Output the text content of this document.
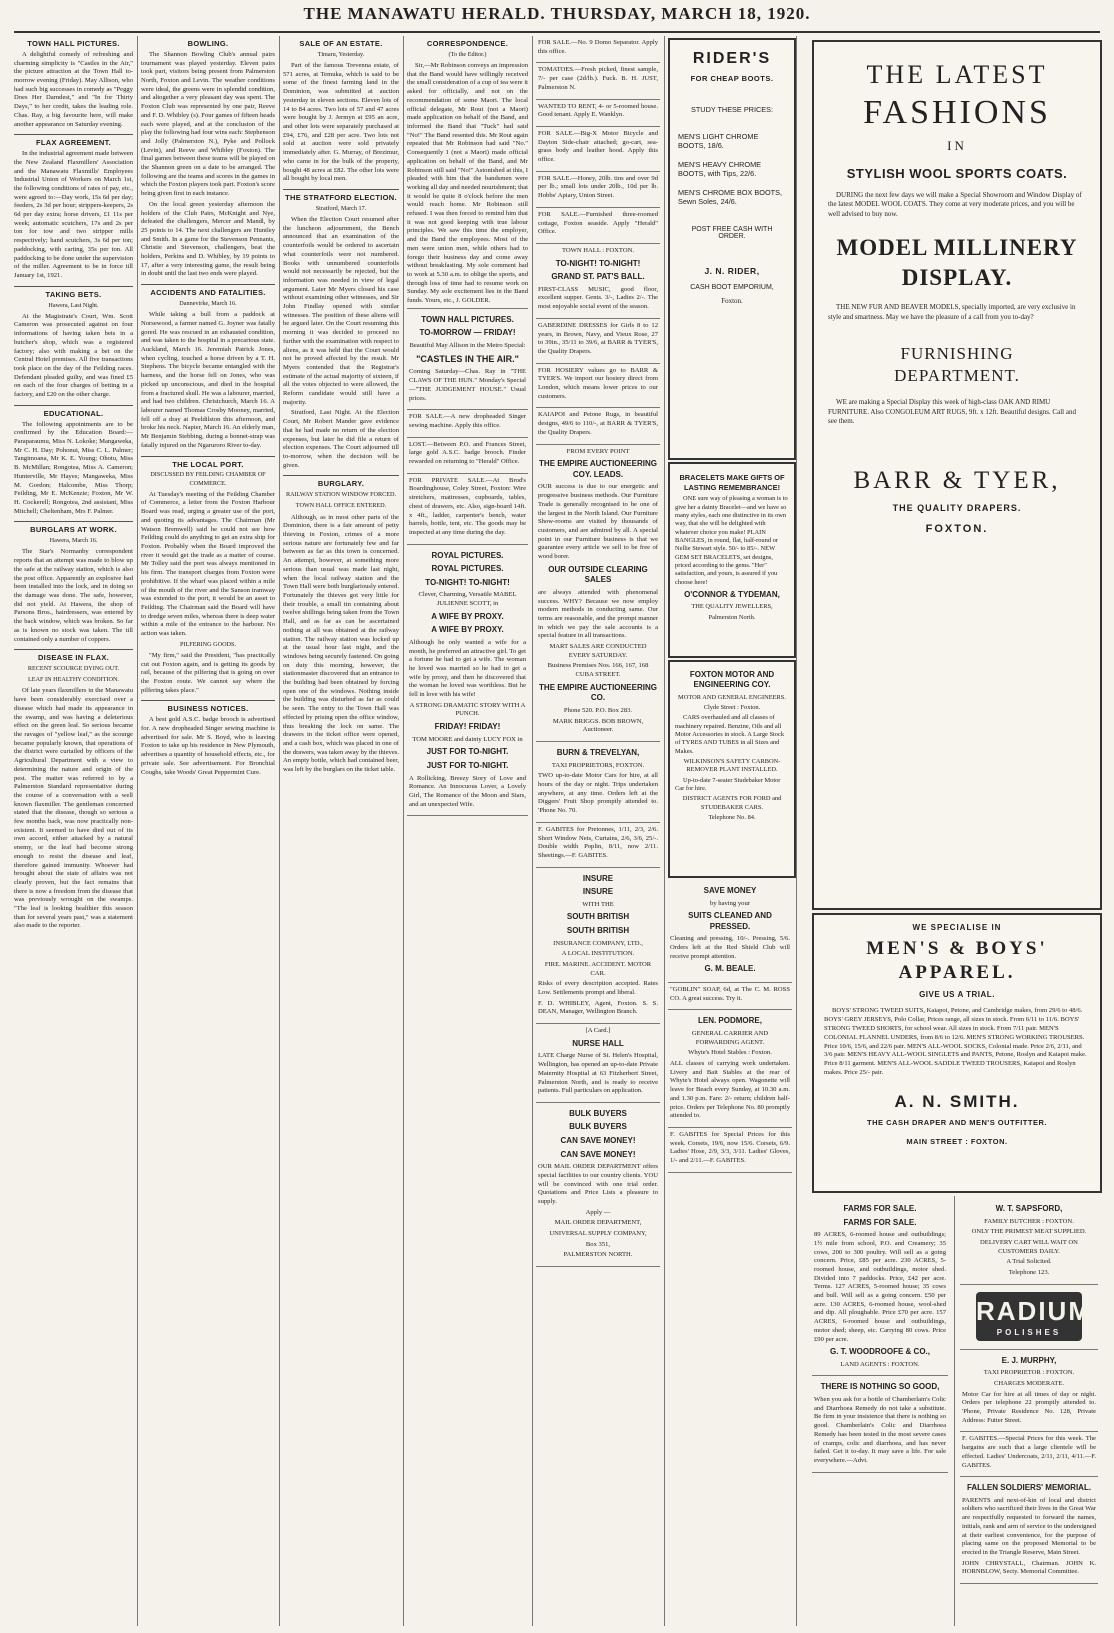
THE MANAWATU HERALD. THURSDAY, MARCH 18, 1920.
TOWN HALL PICTURES.

A delightful comedy of refreshing and charming simplicity is "Castles in the Air," the picture attraction at the Town Hall to-morrow evening (Friday). May Allison, who had such big successes in comedy as "Peggy Does Her Darndest," and "In for Thirty Days," to her credit, takes the leading role. Chas. Ray, a big favourite here, will make another appearance on Saturday evening.

FLAX AGREEMENT.

In the industrial agreement made between the New Zealand Flaxmillers' Association and the Manawatu Flaxmills' Employees Industrial Union of Workers on March 1st, the following conditions of rates of pay, etc., were agreed to:—Day work, 15s 6d per day; feeders, 2s 3d per hour; strippers-keepers, 2s 6d per day extra; horse drivers, £1 11s per week; automatic scutchers, 17s and 2s per ton for tow and two stripper mills respectively; hand scutchers, 3s 6d per ton; paddocking, with carting, 35s per ton. All paddocking to be done under the supervision of the miller. Agreement to be in force till January 1st, 1921.

TAKING BETS.
Hawera, Last Night.

At the Magistrate's Court, Wm. Scott Cameron was prosecuted against on four informations of having taken bets in a butcher's shop, which was a registered factory; also with making a bet on the Central Hotel premises. All five transactions took place on the day of the Feilding races. Defendant pleaded guilty, and was fined £5 on each of the four charges of betting in a factory, and £20 on the other charge.

EDUCATIONAL.

The following appointments are to be confirmed by the Education Board:—Paraparaumu, Miss N. Lokoke; Mangaweka, Mr C. H. Day; Pohonui, Miss C. L. Palmer; Tangimoana, Mr K. E. Young; Ohotu, Miss B. McMillan; Rongotea, Miss A. Cameron; Hunterville, Mr Hayes; Mangaweka, Miss M. Gordon; Halcombe, Miss Thorp; Feilding, Mr E. McKenzie; Foxton, Mr W. H. Cockerell; Rongotea, 2nd assistant, Miss Mitchell; Cheltenham, Mrs F. Palmer.

BURGLARS AT WORK.
Hawera, March 16.

The Star's Normanby correspondent reports that an attempt was made to blow up the safe at the railway station, which is also the post office. Apparently an explosive had been installed into the lock, and in doing so the damage was done. The safe, however, did not yield. At Hawera, the shop of Parsons Bros., hairdressers, was entered by the back window, which was broken. So far as is known no stock was taken. The till contained only a number of coppers.

DISEASE IN FLAX.
RECENT SCOURGE DYING OUT.
LEAF IN HEALTHY CONDITION.

Of late years flaxmillers in the Manawatu have been considerably exercised over a disease which had made its appearance in the swamp, and was having a deleterious effect on the green leaf. So serious became the ravages of "yellow leaf," as the scourge became popularly known, that operations of the district were curtailed by officers of the Agricultural Department with a view to determining the nature and origin of the pest. The matter was referred to by a Palmerston Standard representative during the course of a conversation with a well known flaxmiller. The gentleman concerned stated that the disease, though so serious a few months back, was now practically non-existent. It seemed to have died out of its own accord, either attacked by a natural enemy, or the leaf had become strong enough to resist the disease and leaf, therefore gained immunity. Whoever had brought about the state of affairs was not clearly proven, but the fact remains that there is now a freedom from the disease that was previously wrought on the swamps. "The leaf is looking healthier this season than for several years past," was a statement also made to the reporter.

BOWLING.

The Shannon Bowling Club's annual pairs tournament was played yesterday. Eleven pairs took part, visitors being present from Palmerston North, Foxton and Levin. The weather conditions were ideal, the greens were in splendid condition, and altogether a very pleasant day was spent. The Foxton Club was represented by one pair, Reeve and F. D. Whibley (s). Four games of fifteen heads each were played, and at the conclusion of the play the following had four wins each: Stephenson and Jolly (Palmerston N.), Pyke and Pollock (Levin), and Reeve and Whibley (Foxton). The final games between these teams will be played on the Shannon green on a date to be arranged. The following are the teams and scores in the games in which the Foxton players took part. Foxton's score being given first in each instance.

On the local green yesterday afternoon the holders of the Club Pairs, McKnight and Nye, defeated the challengers, Mercer and Mandl, by 25 points to 14. The next challengers are Huntley and Smith. In a game for the Stevenson Pennants, Christie and Stevenson, challengers, beat the holders, Perkins and D. Whibley, by 19 points to 17, after a very interesting game, the result being in doubt until the last two ends were played.

ACCIDENTS AND FATALITIES.
Dannevirke, March 16.

While taking a bull from a paddock at Norsewood, a farmer named G. Joyner was fatally gored. He was rescued in an exhausted condition, and was taken to the hospital in a precarious state. Auckland, March 16. Jeremiah Patrick Jones, when cycling, touched a horse driven by a T. H. Stephens. The bicycle became entangled with the harness, and the horse fell on Jones, who was picked up unconscious, and died in the hospital from a fractured skull. He was a labourer, married, and had two children. Christchurch, March 16. A labourer named Thomas Crosby Mooney, married, fell off a dray at Peeldilston this afternoon, and broke his neck. Napier, March 16. An elderly man, Mr Benjamin Stebbing, during a bonnet-strap was fatally injured on the Ngaruroro River to-day.

THE LOCAL PORT.
DISCUSSED BY FEILDING CHAMBER OF COMMERCE.

At Tuesday's meeting of the Feilding Chamber of Commerce, a letter from the Foxton Harbour Board was read, urging a greater use of the port, and quoting its advantages. The Chairman (Mr Watson Bremwell) said he could not see how Feilding could do anything to get an extra ship for Foxton. Probably when the Board improved the river it would get the trade as a matter of course. Mr Tolley said the port was always mentioned in his firm. The transport charges from Foxton were prohibitive. If the wharf was placed within a mile of the mouth of the river and the Sanson tramway was extended to the port, it would be an asset to Feilding. The Chairman said the Board will have to dredge seven miles, whereas there is deep water within a mile of the entrance to the harbour. No action was taken.

PILFERING GOODS.

"My firm," said the President, "has practically cut out Foxton again, and is getting its goods by rail, because of the pilfering that is going on over the Foxton route. We cannot say where the pilfering takes place."

BUSINESS NOTICES.

A best gold A.S.C. badge brooch is advertised for. A new dropheaded Singer sewing machine is advertised for sale. Mr S. Boyd, who is leaving Foxton to take up his residence in New Plymouth, advertises a quantity of household effects, etc., for private sale. See advertisement. For Bronchial Coughs, take Woods' Great Peppermint Cure.

SALE OF AN ESTATE.
Timaru, Yesterday.

Part of the famous Trevenna estate, of 571 acres, at Temuka, which is said to be some of the finest farming land in the Dominion, was submitted at auction yesterday in eleven sections. Eleven lots of 14 to 84 acres. Two lots of 57 and 47 acres were bought by J. Jermyn at £95 an acre, and other lots were separately purchased at £94, £76, and £28 per acre. Two lots not sold at auction were sold privately immediately after. G. Murray, of Brezimur, who came in for the bulk of the property, bought 48 acres at £82. The other lots were all bought by local men.

THE STRATFORD ELECTION.
Stratford, March 17.

When the Election Court resumed after the luncheon adjournment, the Bench announced that an examination of the counterfoils would be ordered to ascertain what counterfoils were not numbered. Books with unnumbered counterfoils would not necessarily be rejected, but the information was needed in view of legal argument. Later Mr Myers closed his case without examining other witnesses, and Sir John Findlay opened with similar witnesses. The position of these aliens will be argued later. On the Court resuming this morning it was decided to proceed no further with the examination with respect to aliens, as it was held that the Court would not be proved affected by the result. Mr Myers contended that the Registrar's estimate of the actual majority of sixteen, if all the votes objected to were allowed, the Reform candidate would still have a majority.

Stratford, Last Night. At the Election Court, Mr Robert Mander gave evidence that he had made no return of the election expenses, but later he did file a return of election expenses. The Court adjourned till to-morrow, when the decision will be given.

BURGLARY.
RAILWAY STATION WINDOW FORCED.
TOWN HALL OFFICE ENTERED.

Although, as in most other parts of the Dominion, there is a fair amount of petty thieving in Foxton, crimes of a more serious nature are fortunately few and far between as far as this town is concerned. An attempt, however, at something more serious than usual was made last night, when the local railway station and the Town Hall were both burglariously entered. Fortunately the thieves got very little for their trouble, a small tin containing about twelve shillings being taken from the Town Hall, and as far as can be ascertained nothing at all was obtained at the railway station. The railway station was locked up at the usual hour last night, and the windows being securely fastened. On going on duty this morning, however, the stationmaster discovered that an entrance to the building had been obtained by forcing open one of the windows. Nothing inside the building was disturbed as far as could be seen. The entry to the Town Hall was effected by prising open the office window, thus breaking the lock on same. The drawers in the ticket office were opened, and a cash box, which was placed in one of the drawers, was taken away by the thieves. An empty bottle, which had contained beer, was left by the burglars on the ticket table.

CORRESPONDENCE.
(To the Editor.)

Sir,—Mr Robinson conveys an impression that the Band would have willingly received the small consideration of a cup of tea were it asked for officially, and not on the recommendation of some Maori. The local official delegate, Mr Rout (not a Maori) made application on behalf of the Band, and informed the Band that "Tuck" had said "No!" The Band resented this. Mr Rout again repeated that Mr Robinson had said "No." Consequently I (not a Maori) made official application on behalf of the Band, and Mr Robinson still said "No!" Astonished at this, I pleaded with him that the bandsmen were working all day and needed nourishment; that it would be quite 8 o'clock before the men would reach home. Mr Robinson still refused. I was then forced to remind him that it was not good keeping with true labour principles. We saw this time the employer, and the Band the employees. Most of the men were union men, while others had to forego their business day and come away without breakfasting. My sole comment had to work at 5.30 a.m. to oblige the sports, and through loss of time had to resume work on Sunday. My sole excitement lies in the Band funds. Yours, etc., J. GOLDER.

TOWN HALL PICTURES.
TO-MORROW — FRIDAY!

Beautiful May Allison in the Metro Special:

"CASTLES IN THE AIR."

Coming Saturday—Chas. Ray in "THE CLAWS OF THE HUN." Monday's Special—"THE JUDGEMENT HOUSE." Usual prices.

FOR SALE.—A new dropheaded Singer sewing machine. Apply this office.

LOST.—Between P.O. and Frances Street, large gold A.S.C. badge brooch. Finder rewarded on returning to "Herald" Office.

FOR PRIVATE SALE.—At Brod's Boardinghouse, Coley Street, Foxton: Wire stretchers, mattresses, cupboards, tables, chest of drawers, etc. Also, sign-board 14ft. x 4ft., ladder, carpenter's bench, water barrels, bottle, tent, etc. The goods may be inspected at any time during the day.

ROYAL PICTURES.
ROYAL PICTURES.
TO-NIGHT! TO-NIGHT!

Clever, Charming, Versatile MABEL JULIENNE SCOTT, in

A WIFE BY PROXY.
A WIFE BY PROXY.

Although he only wanted a wife for a month, he preferred an attractive girl. To get a fortune he had to get a wife. The woman he loved was married so he had to get a wife by proxy, and then he discovered that the woman he loved was worthless. But he fell in love with his wife!

A STRONG DRAMATIC STORY WITH A PUNCH.

FRIDAY! FRIDAY!

TOM MOORE and dainty LUCY FOX in

JUST FOR TO-NIGHT.
JUST FOR TO-NIGHT.

A Rollicking, Breezy Story of Love and Romance. An Innocuous Lover, a Lovely Girl, The Romance of the Moon and Stars, and an unexpected Wife.

FOR SALE.—No. 9 Domo Separator. Apply this office.

TOMATOES.—Fresh picked, finest sample, 7/- per case (2d/lb.). Fuck. B. H. JUST, Palmerston N.

WANTED TO RENT, 4- or 5-roomed house. Good tenant. Apply E. Wanklyn.

FOR SALE.—Big-X Motor Bicycle and Dayton Side-chair attached; go-cart, sea-grass body and leather hood. Apply this office.

FOR SALE.—Honey, 20lb. tins and over 9d per lb.; small lots under 20lb., 10d per lb. Hobbs' Apiary, Union Street.

FOR SALE.—Furnished three-roomed cottage, Foxton seaside. Apply "Herald" Office.

TOWN HALL : FOXTON.

TO-NIGHT! TO-NIGHT!
GRAND ST. PAT'S BALL.

FIRST-CLASS MUSIC, good floor, excellent supper. Gents. 3/-, Ladies 2/-. The most enjoyable social event of the season.

GABERDINE DRESSES for Girls 8 to 12 years, in Brown, Navy, and Vieux Rose, 27 to 39in., 35/11 to 39/6, at BARR & TYER'S, the Quality Drapers.

FOR HOSIERY values go to BARR & TYER'S. We import our hosiery direct from London, which means lower prices to our customers.

KAIAPOI and Petone Rugs, in beautiful designs, 49/6 to 110/-, at BARR & TYER'S, the Quality Drapers.

FROM EVERY POINT

THE EMPIRE AUCTIONEERING COY. LEADS.

OUR success is due to our energetic and progressive business methods. Our Furniture Trade is generally recognised to be one of the largest in the North Island. Our Furniture Show-rooms are visited by thousands of customers, and are admired by all. A special point in our Furniture business is that we guarantee every article we sell to be free of wood borer.

OUR OUTSIDE CLEARING SALES

are always attended with phenomenal success. WHY? Because we now employ modern methods in conducting same. Our terms are reasonable, and the prompt manner in which we pay the sale accounts is a special feature in all transactions.

MART SALES ARE CONDUCTED EVERY SATURDAY.

Business Premises Nos. 166, 167, 168 CUBA STREET.

THE EMPIRE AUCTIONEERING CO.

Phone 520. P.O. Box 283.

MARK BRIGGS. BOB BROWN, Auctioneer.

BURN & TREVELYAN,

TAXI PROPRIETORS, FOXTON.

TWO up-to-date Motor Cars for hire, at all hours of the day or night. Trips undertaken anywhere, at any time. Orders left at the Diggers' Fruit Shop promptly attended to. 'Phone No. 70.

F. GABITES for Pretonnes, 1/11, 2/3, 2/6. Short Window Nets, Curtains, 2/6, 3/6, 25/-. Double width Poplin, 8/11, now 2/11. Sheetings.—F. GABITES.

INSURE
INSURE

WITH THE

SOUTH BRITISH
SOUTH BRITISH

INSURANCE COMPANY, LTD.,

A LOCAL INSTITUTION.

FIRE. MARINE. ACCIDENT. MOTOR CAR.

Risks of every description accepted. Rates Low. Settlements prompt and liberal.

F. D. WHIBLEY, Agent, Foxton. S. S. DEAN, Manager, Wellington Branch.

[A Card.]

NURSE HALL

LATE Charge Nurse of St. Helen's Hospital, Wellington, has opened an up-to-date Private Maternity Hospital at 63 Fitzherbert Street, Palmerston North, and is ready to receive patients. Full particulars on application.

BULK BUYERS
BULK BUYERS
CAN SAVE MONEY!
CAN SAVE MONEY!

OUR MAIL ORDER DEPARTMENT offers special facilities to our country clients. YOU will be convinced with one trial order. Quotations and Price Lists a pleasure to supply.

Apply —

MAIL ORDER DEPARTMENT,

UNIVERSAL SUPPLY COMPANY,

Box 351,

PALMERSTON NORTH.

RIDER'S
FOR CHEAP BOOTS.

STUDY THESE PRICES:

MEN'S LIGHT CHROME BOOTS, 18/6.

MEN'S HEAVY CHROME BOOTS, with Tips, 22/6.

MEN'S CHROME BOX BOOTS, Sewn Soles, 24/6.

POST FREE CASH WITH ORDER.

J. N. RIDER,

CASH BOOT EMPORIUM,

Foxton.

BRACELETS MAKE GIFTS OF LASTING REMEMBRANCE!

ONE sure way of pleasing a woman is to give her a dainty Bracelet—and we have so many styles, each one distinctive in its own way, that she will be delighted with whatever choice you make! PLAIN BANGLES, in round, flat, half-round or Nellie Stewart style. 50/- to 85/-. NEW GEM SET BRACELETS, set designs, priced according to the gems. "Her" satisfaction, and yours, is assured if you choose here!

O'CONNOR & TYDEMAN,

THE QUALITY JEWELLERS,

Palmerston North.

FOXTON MOTOR AND ENGINEERING COY.

MOTOR AND GENERAL ENGINEERS.

Clyde Street : Foxton.

CARS overhauled and all classes of machinery repaired. Benzine, Oils and all Motor Accessories in stock. A Large Stock of TYRES AND TUBES in all Sizes and Makes.

WILKINSON'S SAFETY CARBON-REMOVER PLANT INSTALLED.

Up-to-date 7-seater Studebaker Motor Car for hire.

DISTRICT AGENTS FOR FORD and STUDEBAKER CARS.

Telephone No. 84.

SAVE MONEY

by having your

SUITS CLEANED AND PRESSED.

Cleaning and pressing, 10/-. Pressing, 5/6. Orders left at the Red Shield Club will receive prompt attention.

G. M. BEALE.

"GOBLIN" SOAP, 6d, at The C. M. ROSS CO. A great success. Try it.

LEN. PODMORE,

GENERAL CARRIER AND FORWARDING AGENT.

Whyte's Hotel Stables : Foxton.

ALL classes of carrying work undertaken. Livery and Bait Stables at the rear of Whyte's Hotel always open. Wagonette will leave for Beach every Sunday, at 10.30 a.m. and 1.30 p.m. Fare: 2/- return; children half-price. Orders per Telephone No. 80 promptly attended to.

F. GABITES for Special Prices for this week. Corsets, 19/6, now 15/6. Corsets, 6/9. Ladies' Hose, 2/9, 3/3, 3/11. Ladies' Gloves, 1/- and 2/11.—F. GABITES.

THE LATEST
FASHIONS
IN
STYLISH WOOL SPORTS COATS.

DURING the next few days we will make a Special Showroom and Window Display of the latest MODEL WOOL COATS. They come at very moderate prices, and you will be well advised to buy now.

MODEL MILLINERY
DISPLAY.

THE NEW FUR AND BEAVER MODELS, specially imported, are very exclusive in style and smartness. May we have the pleasure of a call from you to-day?

FURNISHING
DEPARTMENT.

WE are making a Special Display this week of high-class OAK AND RIMU FURNITURE. Also CONGOLEUM ART RUGS, 9ft. x 12ft. Beautiful designs. Call and see them.

BARR & TYER,
THE QUALITY DRAPERS.
FOXTON.
WE SPECIALISE IN
MEN'S & BOYS'
APPAREL.
GIVE US A TRIAL.

BOYS' STRONG TWEED SUITS, Kaiapoi, Petone, and Cambridge makes, from 29/6 to 48/6. BOYS' GREY JERSEYS, Polo Collar, Prices range, all sizes in stock. From 6/11 to 11/6. BOYS' STRONG TWEED SHORTS, for school wear. All sizes in stock. From 7/11 pair. MEN'S COLONIAL FLANNEL UNDERS, from 8/6 to 12/6. MEN'S STRONG WORKING TROUSERS. Price 10/6, 15/6, and 22/6 pair. MEN'S ALL-WOOL SOCKS, Colonial made. Price 2/6, 2/11, and 3/6 pair. MEN'S HEAVY ALL-WOOL SINGLETS and PANTS, Petone, Roslyn and Kaiapoi make. Price 8/11 garment. MEN'S ALL-WOOL SADDLE TWEED TROUSERS, Kaiapoi and Roslyn makes. Price 25/- pair.

A. N. SMITH.
THE CASH DRAPER AND MEN'S OUTFITTER.
MAIN STREET : FOXTON.
FARMS FOR SALE.
FARMS FOR SALE.

89 ACRES, 6-roomed house and outbuildings; 1½ mile from school, P.O. and Creamery; 35 cows, 200 to 300 poultry. Will sell as a going concern. Price, £85 per acre. 230 ACRES, 5-roomed house, and outbuildings, motor shed. Divided into 7 paddocks. Price, £42 per acre. Terms. 127 ACRES, 5-roomed house; 35 cows and bull. Will sell as a going concern. £50 per acre. 130 ACRES, 6-roomed house, wool-shed and dip. All ploughable. Price £70 per acre. 157 ACRES, 6-roomed house and outbuildings, motor shed; sheep, etc. Carrying 80 cows. Price £90 per acre.

G. T. WOODROOFE & CO.,

LAND AGENTS : FOXTON.

THERE IS NOTHING SO GOOD,

When you ask for a bottle of Chamberlain's Colic and Diarrhoea Remedy do not take a substitute. Be firm in your insistence that there is nothing so good. Chamberlain's Colic and Diarrhoea Remedy has been tested in the most severe cases of cramps, colic and diarrhoea, and has never failed. Get it to-day. It may save a life. For sale everywhere.—Advt.

W. T. SAPSFORD,

FAMILY BUTCHER : FOXTON.

ONLY THE PRIMEST MEAT SUPPLIED.

DELIVERY CART WILL WAIT ON CUSTOMERS DAILY.

A Trial Solicited.

Telephone 123.

RADIUM
POLISHES
E. J. MURPHY,

TAXI PROPRIETOR : FOXTON.

CHARGES MODERATE.

Motor Car for hire at all times of day or night. Orders per telephone 22 promptly attended to. 'Phone, Private Residence No. 128, Private Address: Futter Street.

F. GABITES.—Special Prices for this week. The bargains are such that a large clientele will be effected. Ladies' Undercoats, 2/11, 2/11, 4/11.—F. GABITES.

FALLEN SOLDIERS' MEMORIAL.

PARENTS and next-of-kin of local and district soldiers who sacrificed their lives in the Great War are respectfully requested to forward the names, initials, rank and arm of service to the undersigned at their earliest convenience, for the purpose of placing same on the proposed Memorial to be erected in the Triangle Reserve, Main Street.

JOHN CHRYSTALL, Chairman. JOHN K. HORNBLOW, Secty. Memorial Committee.
